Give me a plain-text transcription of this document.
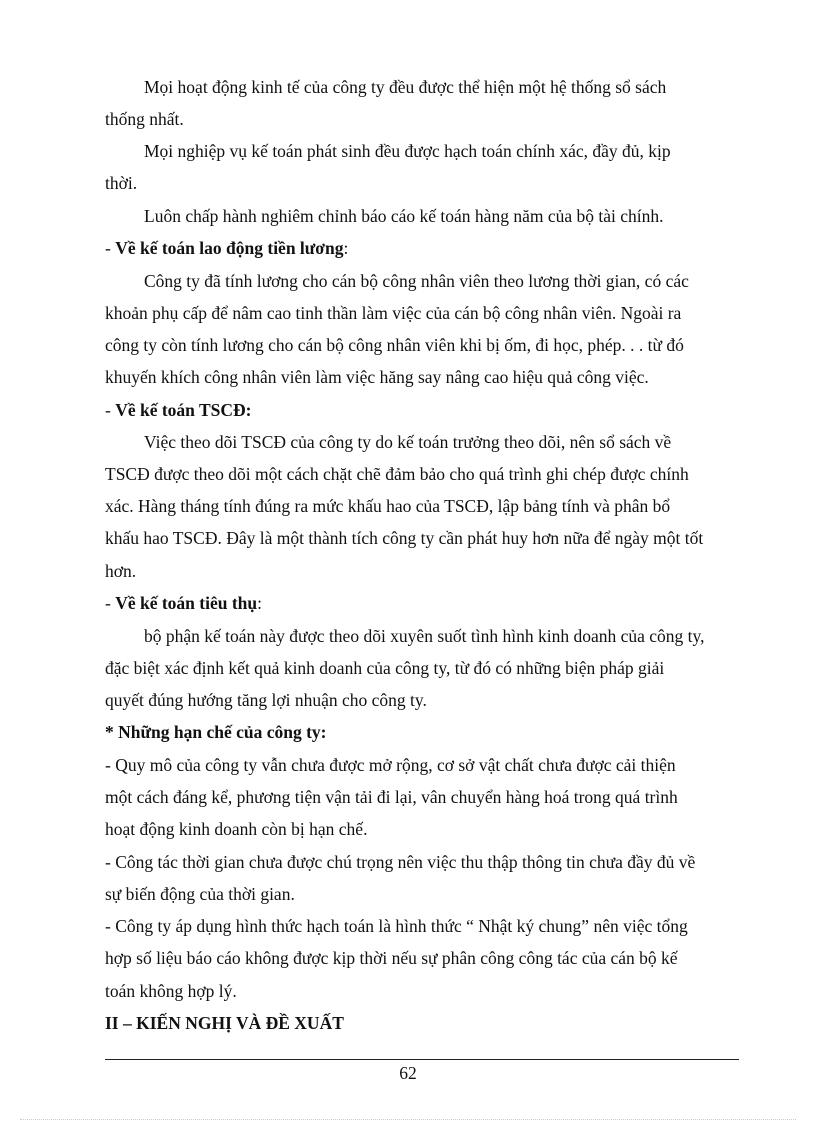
Mọi hoạt động kinh tế của công ty đều được thể hiện một hệ thống sổ sách
thống nhất.
Mọi nghiệp vụ kế toán phát sinh đều được hạch toán chính xác, đầy đủ, kịp
thời.
Luôn chấp hành nghiêm chỉnh báo cáo kế toán hàng năm của bộ tài chính.
- Về kế toán lao động tiền lương:
Công ty đã tính lương cho cán bộ công nhân viên theo lương thời gian, có các
khoản phụ cấp để nâm cao tinh thần làm việc của cán bộ công nhân viên. Ngoài ra
công ty còn tính lương cho cán bộ công nhân viên khi bị ốm, đi học, phép. . . từ đó
khuyến khích công nhân viên làm việc hăng say nâng cao hiệu quả công việc.
- Về kế toán TSCĐ:
Việc theo dõi TSCĐ của công ty do kế toán trưởng theo dõi, nên sổ sách về
TSCĐ được theo dõi một cách chặt chẽ đảm bảo cho quá trình ghi chép được chính
xác. Hàng tháng tính đúng ra mức khấu hao của TSCĐ, lập bảng tính và phân bổ
khấu hao TSCĐ. Đây là một thành tích công ty cần phát huy hơn nữa để ngày một tốt
hơn.
- Về kế toán tiêu thụ:
bộ phận kế toán này được theo dõi xuyên suốt tình hình kinh doanh của công ty,
đặc biệt xác định kết quả kinh doanh của công ty, từ đó có những biện pháp giải
quyết đúng hướng tăng lợi nhuận cho công ty.
* Những hạn chế của công ty:
- Quy mô của công ty vẫn chưa được mở rộng, cơ sở vật chất chưa được cải thiện
một cách đáng kể, phương tiện vận tải đi lại, vân chuyển hàng hoá trong quá trình
hoạt động kinh doanh còn bị hạn chế.
- Công tác thời gian chưa được chú trọng nên việc thu thập thông tin chưa đầy đủ về
sự biến động của thời gian.
- Công ty áp dụng hình thức hạch toán là hình thức “ Nhật ký chung” nên việc tổng
hợp số liệu báo cáo không được kịp thời nếu sự phân công công tác của cán bộ kế
toán không hợp lý.
II – KIẾN NGHỊ VÀ ĐỀ XUẤT
62
